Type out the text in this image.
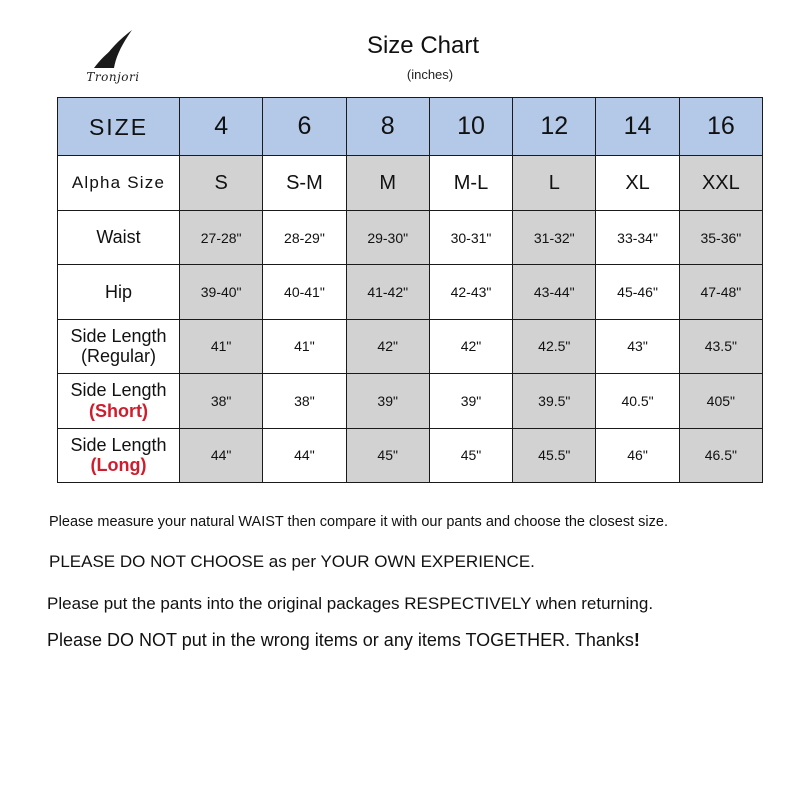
Tronjori
Size Chart
(inches)
SIZE	4	6	8	10	12	14	16
Alpha Size	S	S-M	M	M-L	L	XL	XXL
Waist	27-28"	28-29"	29-30"	30-31"	31-32"	33-34"	35-36"
Hip	39-40"	40-41"	41-42"	42-43"	43-44"	45-46"	47-48"

Side Length
(Regular)	41"	41"	42"	42"	42.5"	43"	43.5"

Side Length
(Short)	38"	38"	39"	39"	39.5"	40.5"	405"

Side Length
(Long)	44"	44"	45"	45"	45.5"	46"	46.5"
Please measure your natural WAIST then compare it with our pants and choose the closest size.
PLEASE DO NOT CHOOSE as per YOUR OWN EXPERIENCE.
Please put the pants into the original packages RESPECTIVELY when returning.
Please DO NOT put in the wrong items or any items TOGETHER. Thanks!
